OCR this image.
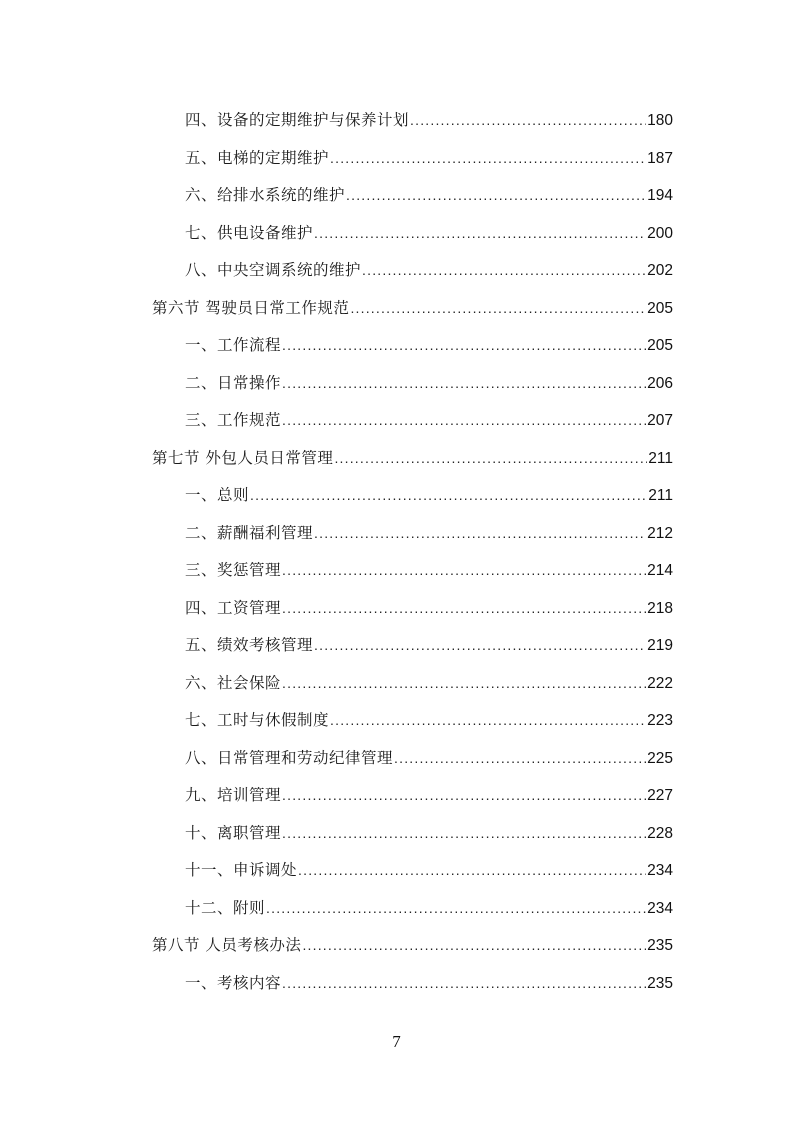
四、设备的定期维护与保养计划 .....	180
五、电梯的定期维护 .....	187
六、给排水系统的维护 .....	194
七、供电设备维护 .....	200
八、中央空调系统的维护 .....	202
第六节 驾驶员日常工作规范 .....	205
一、工作流程 .....	205
二、日常操作 .....	206
三、工作规范 .....	207
第七节 外包人员日常管理 .....	211
一、总则 .....	211
二、薪酬福利管理 .....	212
三、奖惩管理 .....	214
四、工资管理 .....	218
五、绩效考核管理 .....	219
六、社会保险 .....	222
七、工时与休假制度 .....	223
八、日常管理和劳动纪律管理 .....	225
九、培训管理 .....	227
十、离职管理 .....	228
十一、申诉调处 .....	234
十二、附则 .....	234
第八节 人员考核办法 .....	235
一、考核内容 .....	235
7
